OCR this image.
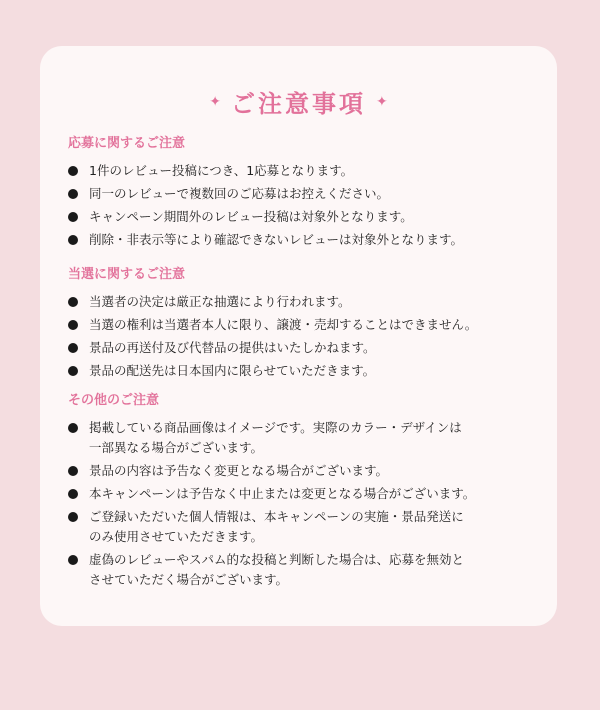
✦ ご注意事項 ✦
応募に関するご注意
1件のレビュー投稿につき、1応募となります。
同一のレビューで複数回のご応募はお控えください。
キャンペーン期間外のレビュー投稿は対象外となります。
削除・非表示等により確認できないレビューは対象外となります。
当選に関するご注意
当選者の決定は厳正な抽選により行われます。
当選の権利は当選者本人に限り、譲渡・売却することはできません。
景品の再送付及び代替品の提供はいたしかねます。
景品の配送先は日本国内に限らせていただきます。
その他のご注意
掲載している商品画像はイメージです。実際のカラー・デザインは
一部異なる場合がございます。
景品の内容は予告なく変更となる場合がございます。
本キャンペーンは予告なく中止または変更となる場合がございます。
ご登録いただいた個人情報は、本キャンペーンの実施・景品発送に
のみ使用させていただきます。
虚偽のレビューやスパム的な投稿と判断した場合は、応募を無効と
させていただく場合がございます。
